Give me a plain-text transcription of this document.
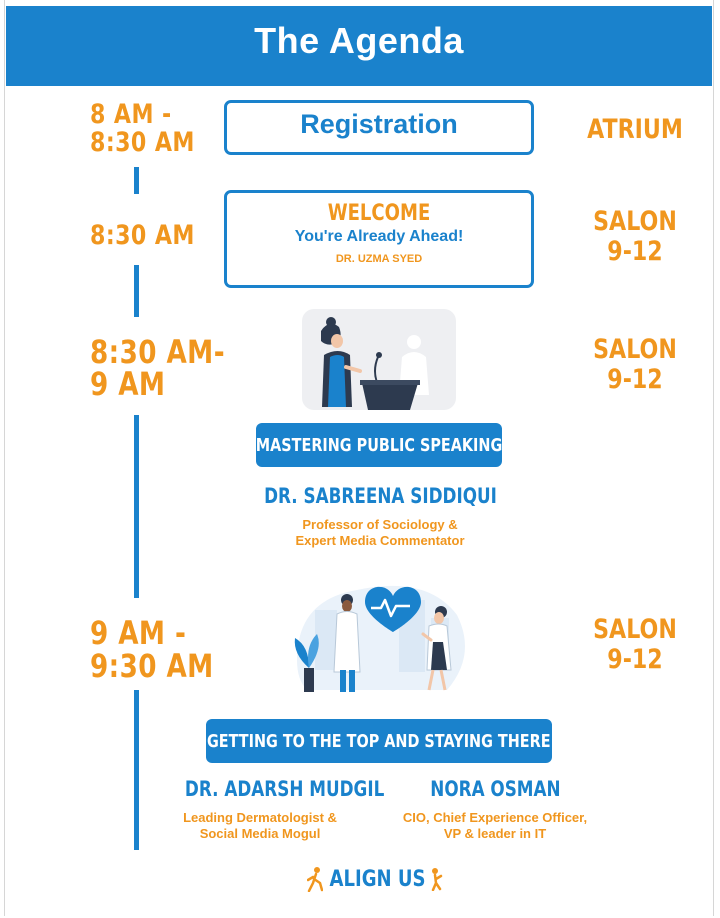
The Agenda
8 AM -
8:30 AM
Registration	ATRIUM
8:30 AM
WELCOME
You're Already Ahead!
DR. UZMA SYED
SALON
9-12
8:30 AM-
9 AM
SALON
9-12
MASTERING PUBLIC SPEAKING
DR. SABREENA SIDDIQUI
Professor of Sociology &
Expert Media Commentator
9 AM -
9:30 AM
SALON
9-12
GETTING TO THE TOP AND STAYING THERE
DR. ADARSH MUDGIL
Leading Dermatologist &
Social Media Mogul
NORA OSMAN
CIO, Chief Experience Officer,
VP & leader in IT
ALIGN US
